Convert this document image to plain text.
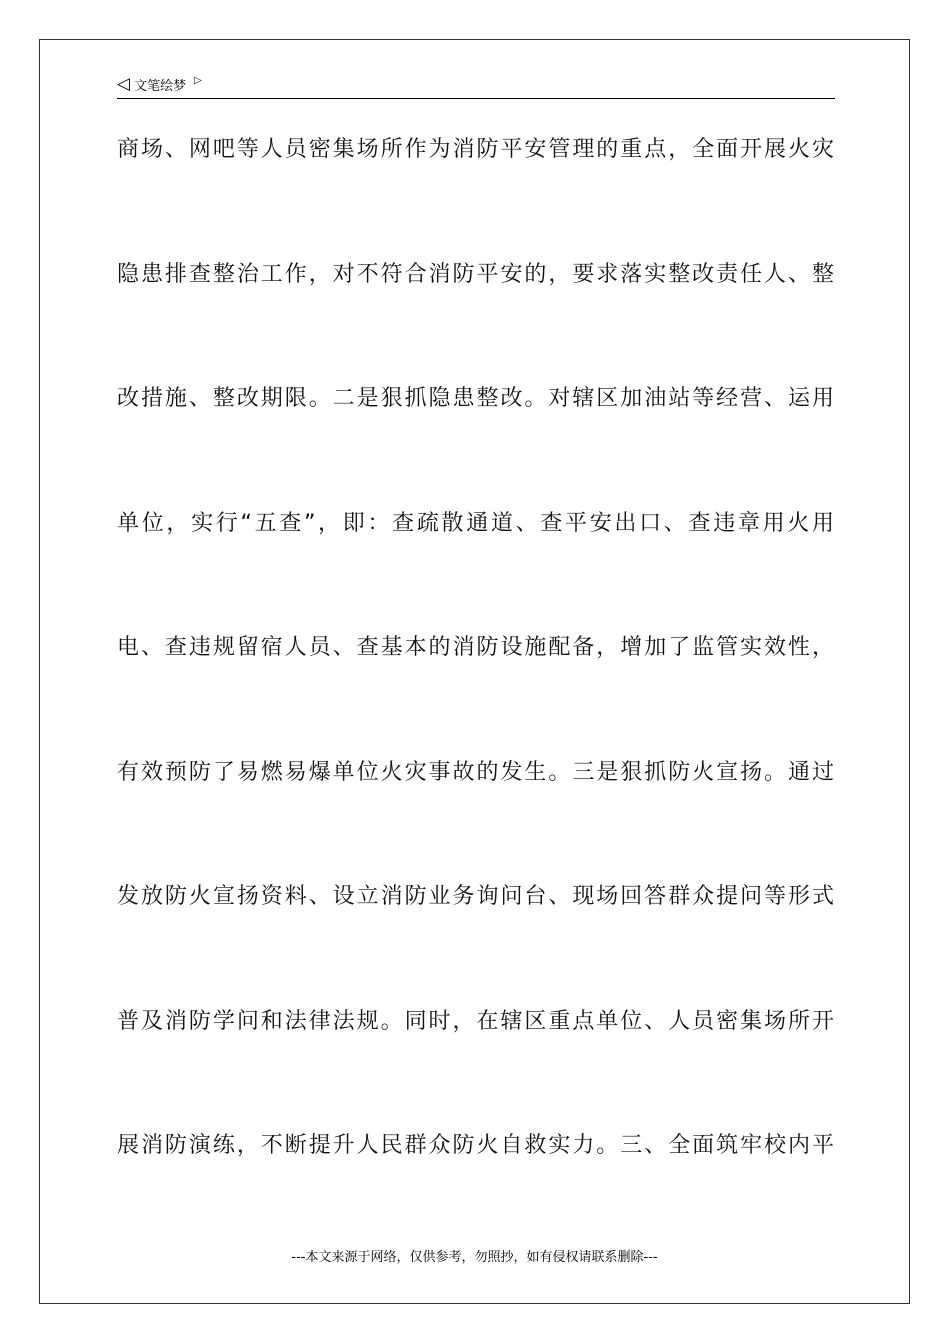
◁ 文笔绘梦 ▷
商场、网吧等人员密集场所作为消防平安管理的重点，全面开展火灾
隐患排查整治工作，对不符合消防平安的，要求落实整改责任人、整
改措施、整改期限。二是狠抓隐患整改。对辖区加油站等经营、运用
单位，实行“五查”，即：查疏散通道、查平安出口、查违章用火用
电、查违规留宿人员、查基本的消防设施配备，增加了监管实效性，
有效预防了易燃易爆单位火灾事故的发生。三是狠抓防火宣扬。通过
发放防火宣扬资料、设立消防业务询问台、现场回答群众提问等形式
普及消防学问和法律法规。同时，在辖区重点单位、人员密集场所开
展消防演练，不断提升人民群众防火自救实力。三、全面筑牢校内平
---本文来源于网络，仅供参考，勿照抄，如有侵权请联系删除---
